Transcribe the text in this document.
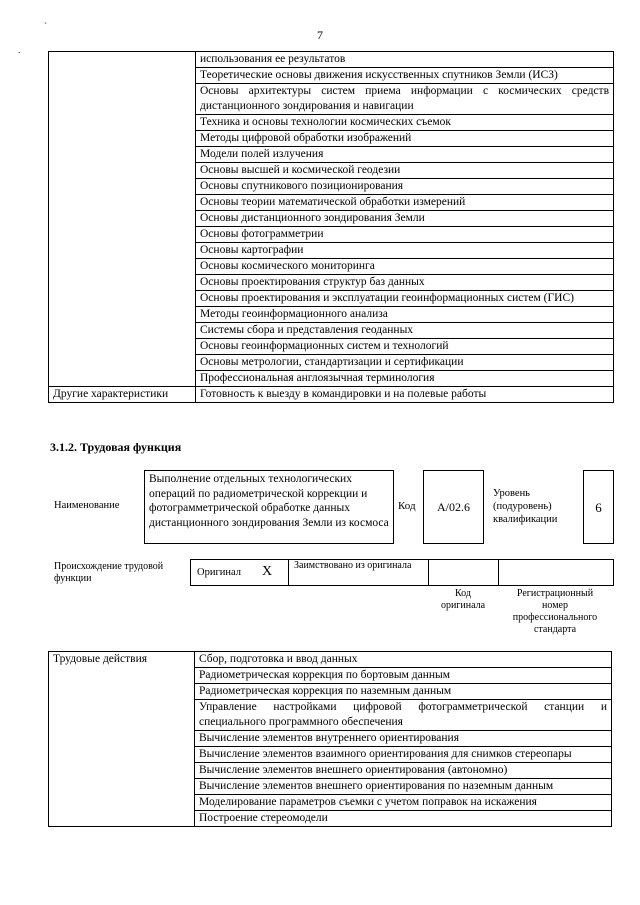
`
.
7
	использования ее результатов
	Теоретические основы движения искусственных спутников Земли (ИСЗ)
	Основы архитектуры систем приема информации с космических средств дистанционного зондирования и навигации
	Техника и основы технологии космических съемок
	Методы цифровой обработки изображений
	Модели полей излучения
	Основы высшей и космической геодезии
	Основы спутникового позиционирования
	Основы теории математической обработки измерений
	Основы дистанционного зондирования Земли
	Основы фотограмметрии
	Основы картографии
	Основы космического мониторинга
	Основы проектирования структур баз данных
	Основы проектирования и эксплуатации геоинформационных систем (ГИС)
	Методы геоинформационного анализа
	Системы сбора и представления геоданных
	Основы геоинформационных систем и технологий
	Основы метрологии, стандартизации и сертификации
	Профессиональная англоязычная терминология
Другие характеристики	Готовность к выезду в командировки и на полевые работы
3.1.2. Трудовая функция
Наименование
Выполнение отдельных технологических операций по радиометрической коррекции и фотограмметрической обработке данных дистанционного зондирования Земли из космоса
Код	А/02.6
Уровень (подуровень) квалификации
6
Происхождение трудовой функции
Оригинал X Заимствовано из оригинала
Код оригинала
Регистрационный номер профессионального стандарта
Трудовые действия	Сбор, подготовка и ввод данных
Радиометрическая коррекция по бортовым данным
Радиометрическая коррекция по наземным данным
Управление настройками цифровой фотограмметрической станции и специального программного обеспечения
Вычисление элементов внутреннего ориентирования
Вычисление элементов взаимного ориентирования для снимков стереопары
Вычисление элементов внешнего ориентирования (автономно)
Вычисление элементов внешнего ориентирования по наземным данным
Моделирование параметров съемки с учетом поправок на искажения
Построение стереомодели
